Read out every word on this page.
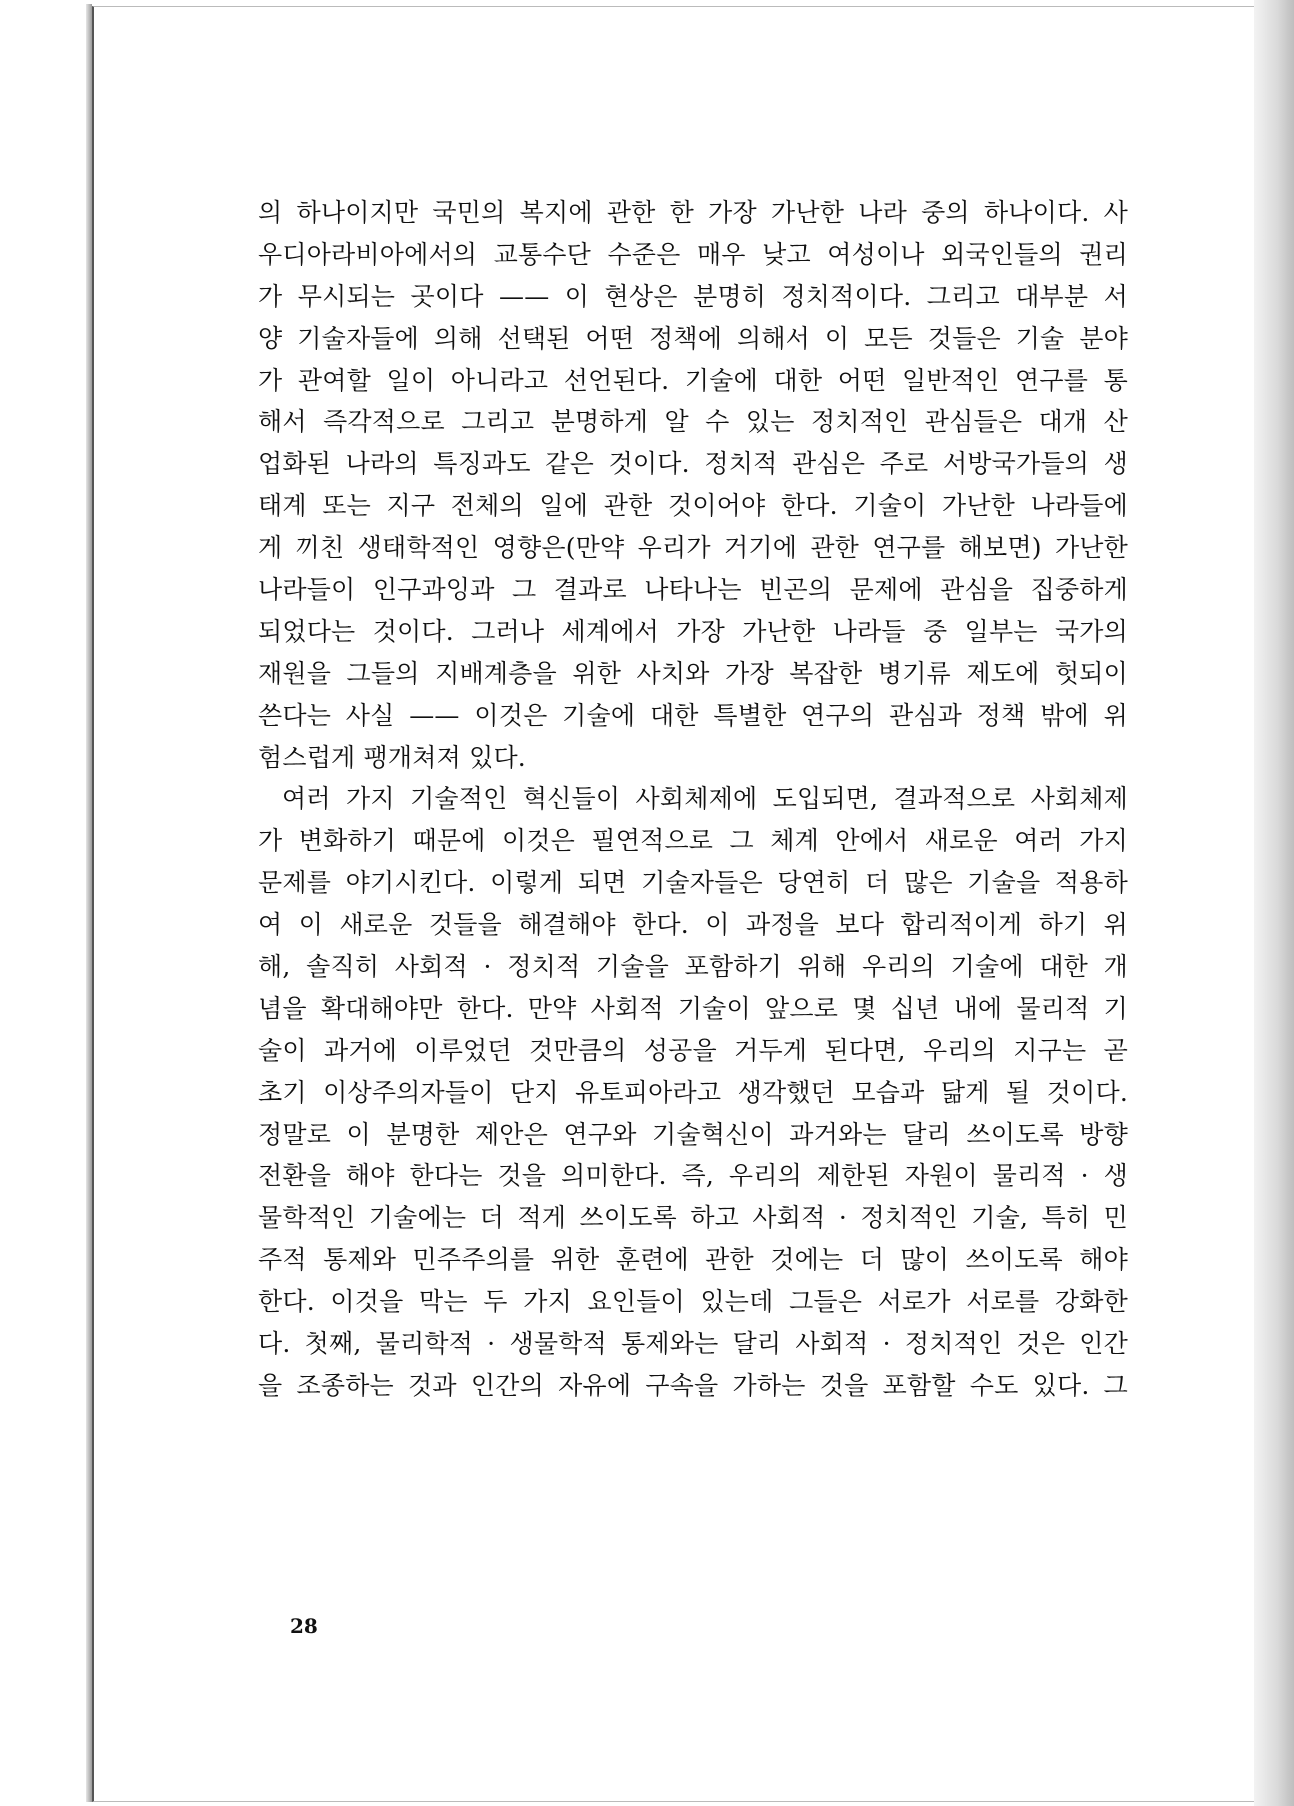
의 하나이지만 국민의 복지에 관한 한 가장 가난한 나라 중의 하나이다. 사
우디아라비아에서의 교통수단 수준은 매우 낮고 여성이나 외국인들의 권리
가 무시되는 곳이다 —— 이 현상은 분명히 정치적이다. 그리고 대부분 서
양 기술자들에 의해 선택된 어떤 정책에 의해서 이 모든 것들은 기술 분야
가 관여할 일이 아니라고 선언된다. 기술에 대한 어떤 일반적인 연구를 통
해서 즉각적으로 그리고 분명하게 알 수 있는 정치적인 관심들은 대개 산
업화된 나라의 특징과도 같은 것이다. 정치적 관심은 주로 서방국가들의 생
태계 또는 지구 전체의 일에 관한 것이어야 한다. 기술이 가난한 나라들에
게 끼친 생태학적인 영향은(만약 우리가 거기에 관한 연구를 해보면) 가난한
나라들이 인구과잉과 그 결과로 나타나는 빈곤의 문제에 관심을 집중하게
되었다는 것이다. 그러나 세계에서 가장 가난한 나라들 중 일부는 국가의
재원을 그들의 지배계층을 위한 사치와 가장 복잡한 병기류 제도에 헛되이
쓴다는 사실 —— 이것은 기술에 대한 특별한 연구의 관심과 정책 밖에 위
험스럽게 팽개쳐져 있다.
여러 가지 기술적인 혁신들이 사회체제에 도입되면, 결과적으로 사회체제
가 변화하기 때문에 이것은 필연적으로 그 체계 안에서 새로운 여러 가지
문제를 야기시킨다. 이렇게 되면 기술자들은 당연히 더 많은 기술을 적용하
여 이 새로운 것들을 해결해야 한다. 이 과정을 보다 합리적이게 하기 위
해, 솔직히 사회적 · 정치적 기술을 포함하기 위해 우리의 기술에 대한 개
념을 확대해야만 한다. 만약 사회적 기술이 앞으로 몇 십년 내에 물리적 기
술이 과거에 이루었던 것만큼의 성공을 거두게 된다면, 우리의 지구는 곧
초기 이상주의자들이 단지 유토피아라고 생각했던 모습과 닮게 될 것이다.
정말로 이 분명한 제안은 연구와 기술혁신이 과거와는 달리 쓰이도록 방향
전환을 해야 한다는 것을 의미한다. 즉, 우리의 제한된 자원이 물리적 · 생
물학적인 기술에는 더 적게 쓰이도록 하고 사회적 · 정치적인 기술, 특히 민
주적 통제와 민주주의를 위한 훈련에 관한 것에는 더 많이 쓰이도록 해야
한다. 이것을 막는 두 가지 요인들이 있는데 그들은 서로가 서로를 강화한
다. 첫째, 물리학적 · 생물학적 통제와는 달리 사회적 · 정치적인 것은 인간
을 조종하는 것과 인간의 자유에 구속을 가하는 것을 포함할 수도 있다. 그
28
